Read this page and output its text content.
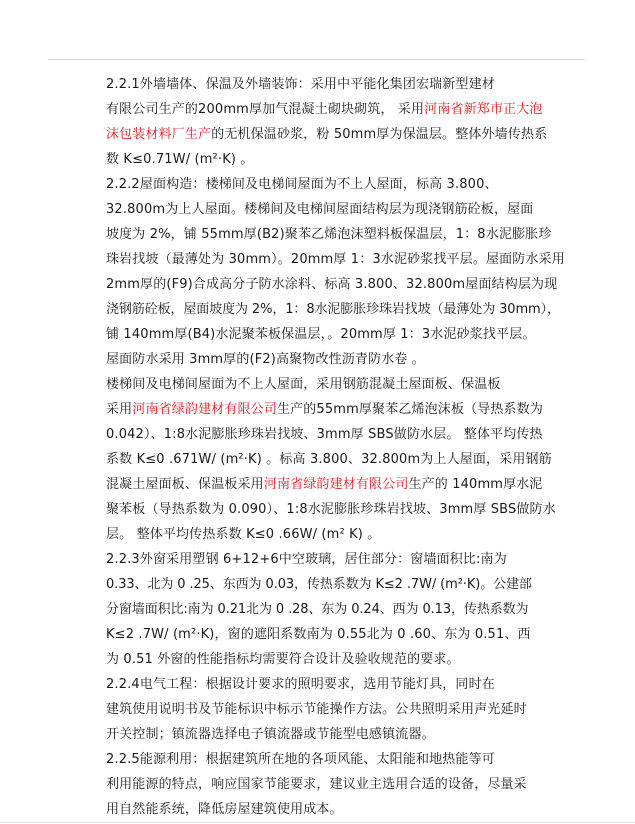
2.2.1外墙墙体、保温及外墙装饰：采用中平能化集团宏瑞新型建材
有限公司生产的200mm厚加气混凝土砌块砌筑， 采用河南省新郑市正大泡
沫包装材料厂生产的无机保温砂浆，粉 50mm厚为保温层。整体外墙传热系
数 K≤0.71W/ (m²·K) 。
2.2.2屋面构造：楼梯间及电梯间屋面为不上人屋面，标高 3.800、
32.800m为上人屋面。楼梯间及电梯间屋面结构层为现浇钢筋砼板，屋面
坡度为 2%，铺 55mm厚(B2)聚苯乙烯泡沫塑料板保温层，1：8水泥膨胀珍
珠岩找坡（最薄处为 30mm）。20mm厚 1：3水泥砂浆找平层。屋面防水采用
2mm厚的(F9)合成高分子防水涂料、标高 3.800、32.800m屋面结构层为现
浇钢筋砼板，屋面坡度为 2%，1：8水泥膨胀珍珠岩找坡（最薄处为 30mm），
铺 140mm厚(B4)水泥聚苯板保温层，。20mm厚 1：3水泥砂浆找平层。
屋面防水采用 3mm厚的(F2)高聚物改性沥青防水卷 。
楼梯间及电梯间屋面为不上人屋面，采用钢筋混凝土屋面板、保温板
采用河南省绿韵建材有限公司生产的55mm厚聚苯乙烯泡沫板（导热系数为
0.042）、1:8水泥膨胀珍珠岩找坡、3mm厚 SBS做防水层。 整体平均传热
系数 K≤0 .671W/ (m²·K) 。标高 3.800、32.800m为上人屋面，采用钢筋
混凝土屋面板、保温板采用河南省绿韵建材有限公司生产的 140mm厚水泥
聚苯板（导热系数为 0.090）、1:8水泥膨胀珍珠岩找坡、3mm厚 SBS做防水
层。 整体平均传热系数 K≤0 .66W/ (m² K) 。
2.2.3外窗采用塑钢 6+12+6中空玻璃，居住部分：窗墙面积比:南为
0.33、北为 0 .25、东西为 0.03，传热系数为 K≤2 .7W/ (m²·K)。公建部
分窗墙面积比:南为 0.21北为 0 .28、东为 0.24、西为 0.13，传热系数为
K≤2 .7W/ (m²·K)，窗的遮阳系数南为 0.55北为 0 .60、东为 0.51、西
为 0.51 外窗的性能指标均需要符合设计及验收规范的要求。
2.2.4电气工程：根据设计要求的照明要求，选用节能灯具，同时在
建筑使用说明书及节能标识中标示节能操作方法。公共照明采用声光延时
开关控制；镇流器选择电子镇流器或节能型电感镇流器。
2.2.5能源利用：根据建筑所在地的各项风能、太阳能和地热能等可
利用能源的特点，响应国家节能要求，建议业主选用合适的设备，尽量采
用自然能系统，降低房屋建筑使用成本。
